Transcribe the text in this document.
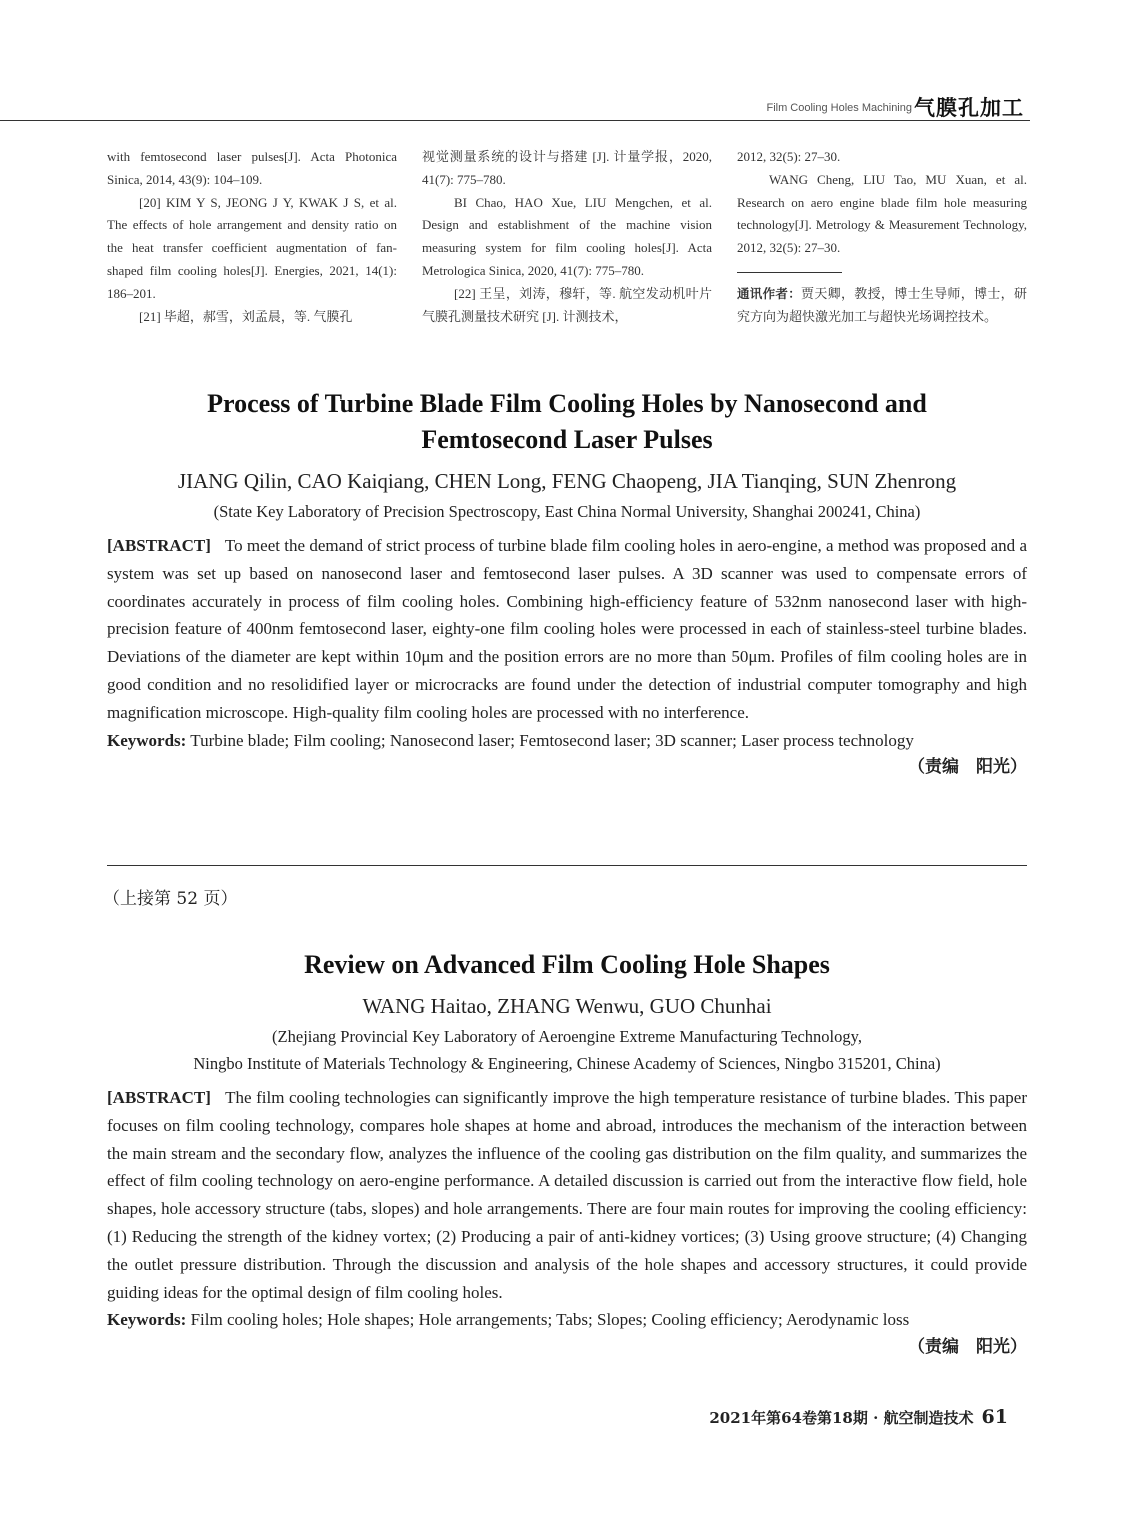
Film Cooling Holes Machining 气膜孔加工

with femtosecond laser pulses[J]. Acta Photonica Sinica, 2014, 43(9): 104–109.

[20] KIM Y S, JEONG J Y, KWAK J S, et al. The effects of hole arrangement and density ratio on the heat transfer coefficient augmentation of fan-shaped film cooling holes[J]. Energies, 2021, 14(1): 186–201.

[21] 毕超，郝雪，刘孟晨，等. 气膜孔

视觉测量系统的设计与搭建 [J]. 计量学报，2020, 41(7): 775–780.

BI Chao, HAO Xue, LIU Mengchen, et al. Design and establishment of the machine vision measuring system for film cooling holes[J]. Acta Metrologica Sinica, 2020, 41(7): 775–780.

[22] 王呈，刘涛，穆轩，等. 航空发动机叶片气膜孔测量技术研究 [J]. 计测技术，

2012, 32(5): 27–30.

WANG Cheng, LIU Tao, MU Xuan, et al. Research on aero engine blade film hole measuring technology[J]. Metrology & Measurement Technology, 2012, 32(5): 27–30.

通讯作者：贾天卿，教授，博士生导师，博士，研究方向为超快激光加工与超快光场调控技术。

Process of Turbine Blade Film Cooling Holes by Nanosecond and
Femtosecond Laser Pulses

JIANG Qilin, CAO Kaiqiang, CHEN Long, FENG Chaopeng, JIA Tianqing, SUN Zhenrong

(State Key Laboratory of Precision Spectroscopy, East China Normal University, Shanghai 200241, China)

[ABSTRACT] To meet the demand of strict process of turbine blade film cooling holes in aero-engine, a method was proposed and a system was set up based on nanosecond laser and femtosecond laser pulses. A 3D scanner was used to compensate errors of coordinates accurately in process of film cooling holes. Combining high-efficiency feature of 532nm nanosecond laser with high-precision feature of 400nm femtosecond laser, eighty-one film cooling holes were processed in each of stainless-steel turbine blades. Deviations of the diameter are kept within 10μm and the position errors are no more than 50μm. Profiles of film cooling holes are in good condition and no resolidified layer or microcracks are found under the detection of industrial computer tomography and high magnification microscope. High-quality film cooling holes are processed with no interference.

Keywords: Turbine blade; Film cooling; Nanosecond laser; Femtosecond laser; 3D scanner; Laser process technology

（责编　阳光）

（上接第 52 页）
Review on Advanced Film Cooling Hole Shapes

WANG Haitao, ZHANG Wenwu, GUO Chunhai

(Zhejiang Provincial Key Laboratory of Aeroengine Extreme Manufacturing Technology,
Ningbo Institute of Materials Technology & Engineering, Chinese Academy of Sciences, Ningbo 315201, China)

[ABSTRACT] The film cooling technologies can significantly improve the high temperature resistance of turbine blades. This paper focuses on film cooling technology, compares hole shapes at home and abroad, introduces the mechanism of the interaction between the main stream and the secondary flow, analyzes the influence of the cooling gas distribution on the film quality, and summarizes the effect of film cooling technology on aero-engine performance. A detailed discussion is carried out from the interactive flow field, hole shapes, hole accessory structure (tabs, slopes) and hole arrangements. There are four main routes for improving the cooling efficiency: (1) Reducing the strength of the kidney vortex; (2) Producing a pair of anti-kidney vortices; (3) Using groove structure; (4) Changing the outlet pressure distribution. Through the discussion and analysis of the hole shapes and accessory structures, it could provide guiding ideas for the optimal design of film cooling holes.

Keywords: Film cooling holes; Hole shapes; Hole arrangements; Tabs; Slopes; Cooling efficiency; Aerodynamic loss

（责编　阳光）

2021年第64卷第18期 · 航空制造技术 61
